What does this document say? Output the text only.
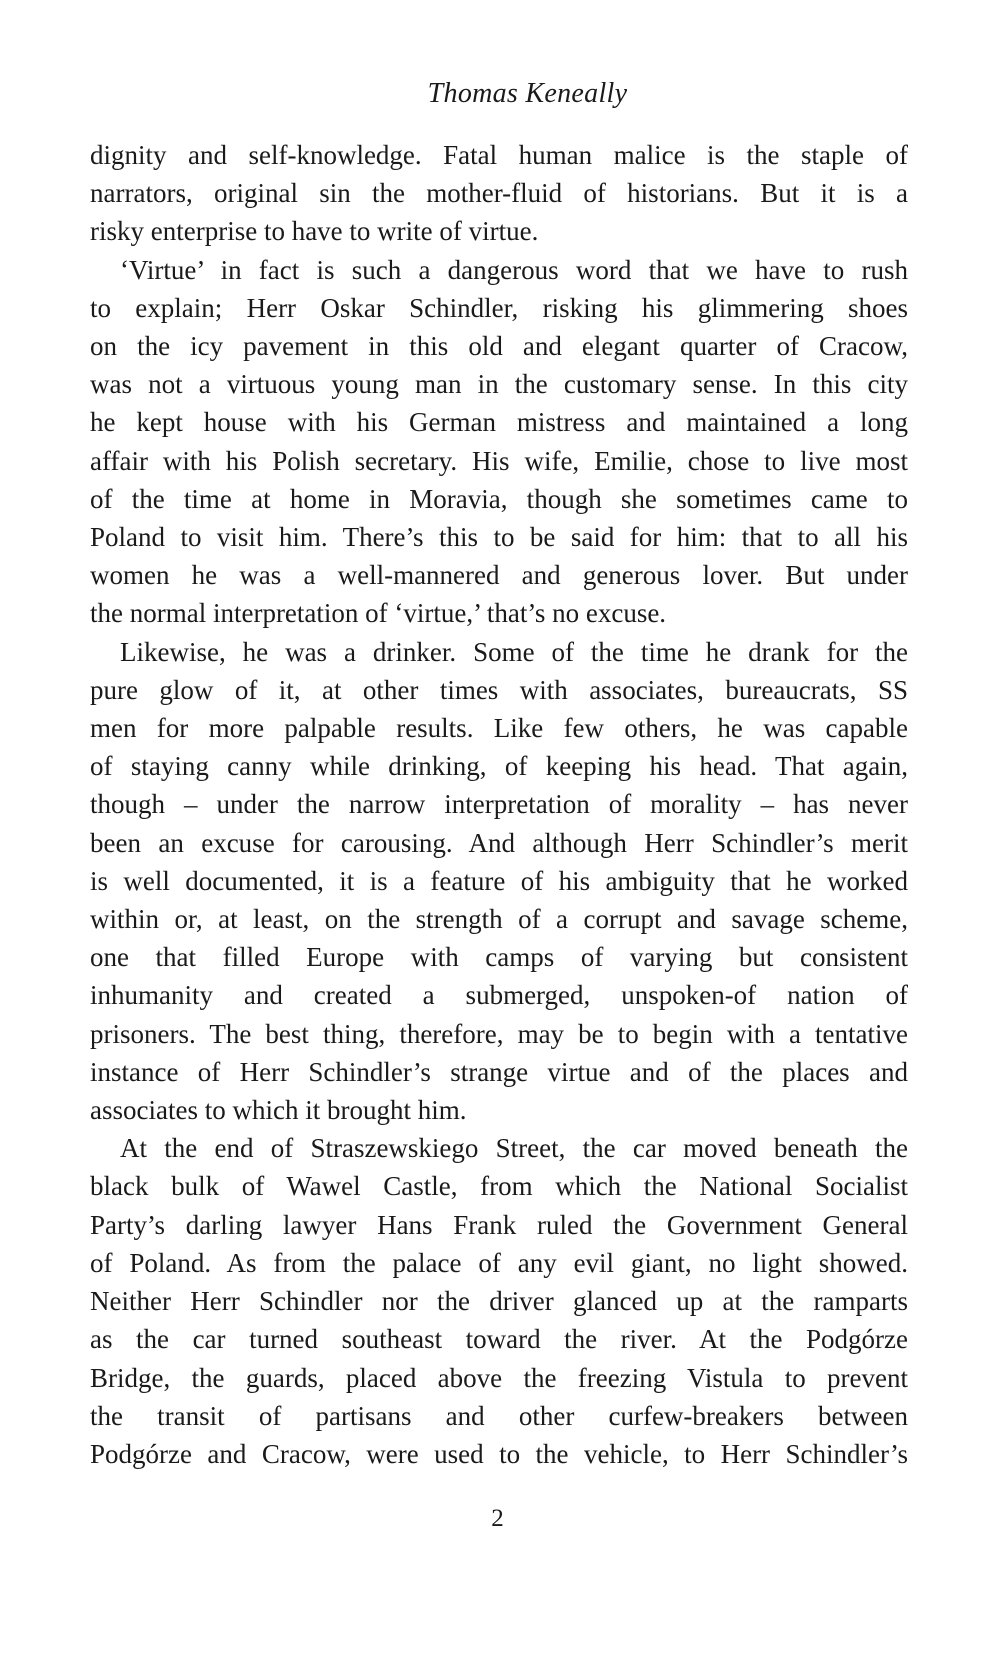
Thomas Keneally
dignity and self-knowledge. Fatal human malice is the staple of
narrators, original sin the mother-fluid of historians. But it is a
risky enterprise to have to write of virtue.
‘Virtue’ in fact is such a dangerous word that we have to rush
to explain; Herr Oskar Schindler, risking his glimmering shoes
on the icy pavement in this old and elegant quarter of Cracow,
was not a virtuous young man in the customary sense. In this city
he kept house with his German mistress and maintained a long
affair with his Polish secretary. His wife, Emilie, chose to live most
of the time at home in Moravia, though she sometimes came to
Poland to visit him. There’s this to be said for him: that to all his
women he was a well-mannered and generous lover. But under
the normal interpretation of ‘virtue,’ that’s no excuse.
Likewise, he was a drinker. Some of the time he drank for the
pure glow of it, at other times with associates, bureaucrats, SS
men for more palpable results. Like few others, he was capable
of staying canny while drinking, of keeping his head. That again,
though – under the narrow interpretation of morality – has never
been an excuse for carousing. And although Herr Schindler’s merit
is well documented, it is a feature of his ambiguity that he worked
within or, at least, on the strength of a corrupt and savage scheme,
one that filled Europe with camps of varying but consistent
inhumanity and created a submerged, unspoken-of nation of
prisoners. The best thing, therefore, may be to begin with a tentative
instance of Herr Schindler’s strange virtue and of the places and
associates to which it brought him.
At the end of Straszewskiego Street, the car moved beneath the
black bulk of Wawel Castle, from which the National Socialist
Party’s darling lawyer Hans Frank ruled the Government General
of Poland. As from the palace of any evil giant, no light showed.
Neither Herr Schindler nor the driver glanced up at the ramparts
as the car turned southeast toward the river. At the Podgórze
Bridge, the guards, placed above the freezing Vistula to prevent
the transit of partisans and other curfew-breakers between
Podgórze and Cracow, were used to the vehicle, to Herr Schindler’s
2
